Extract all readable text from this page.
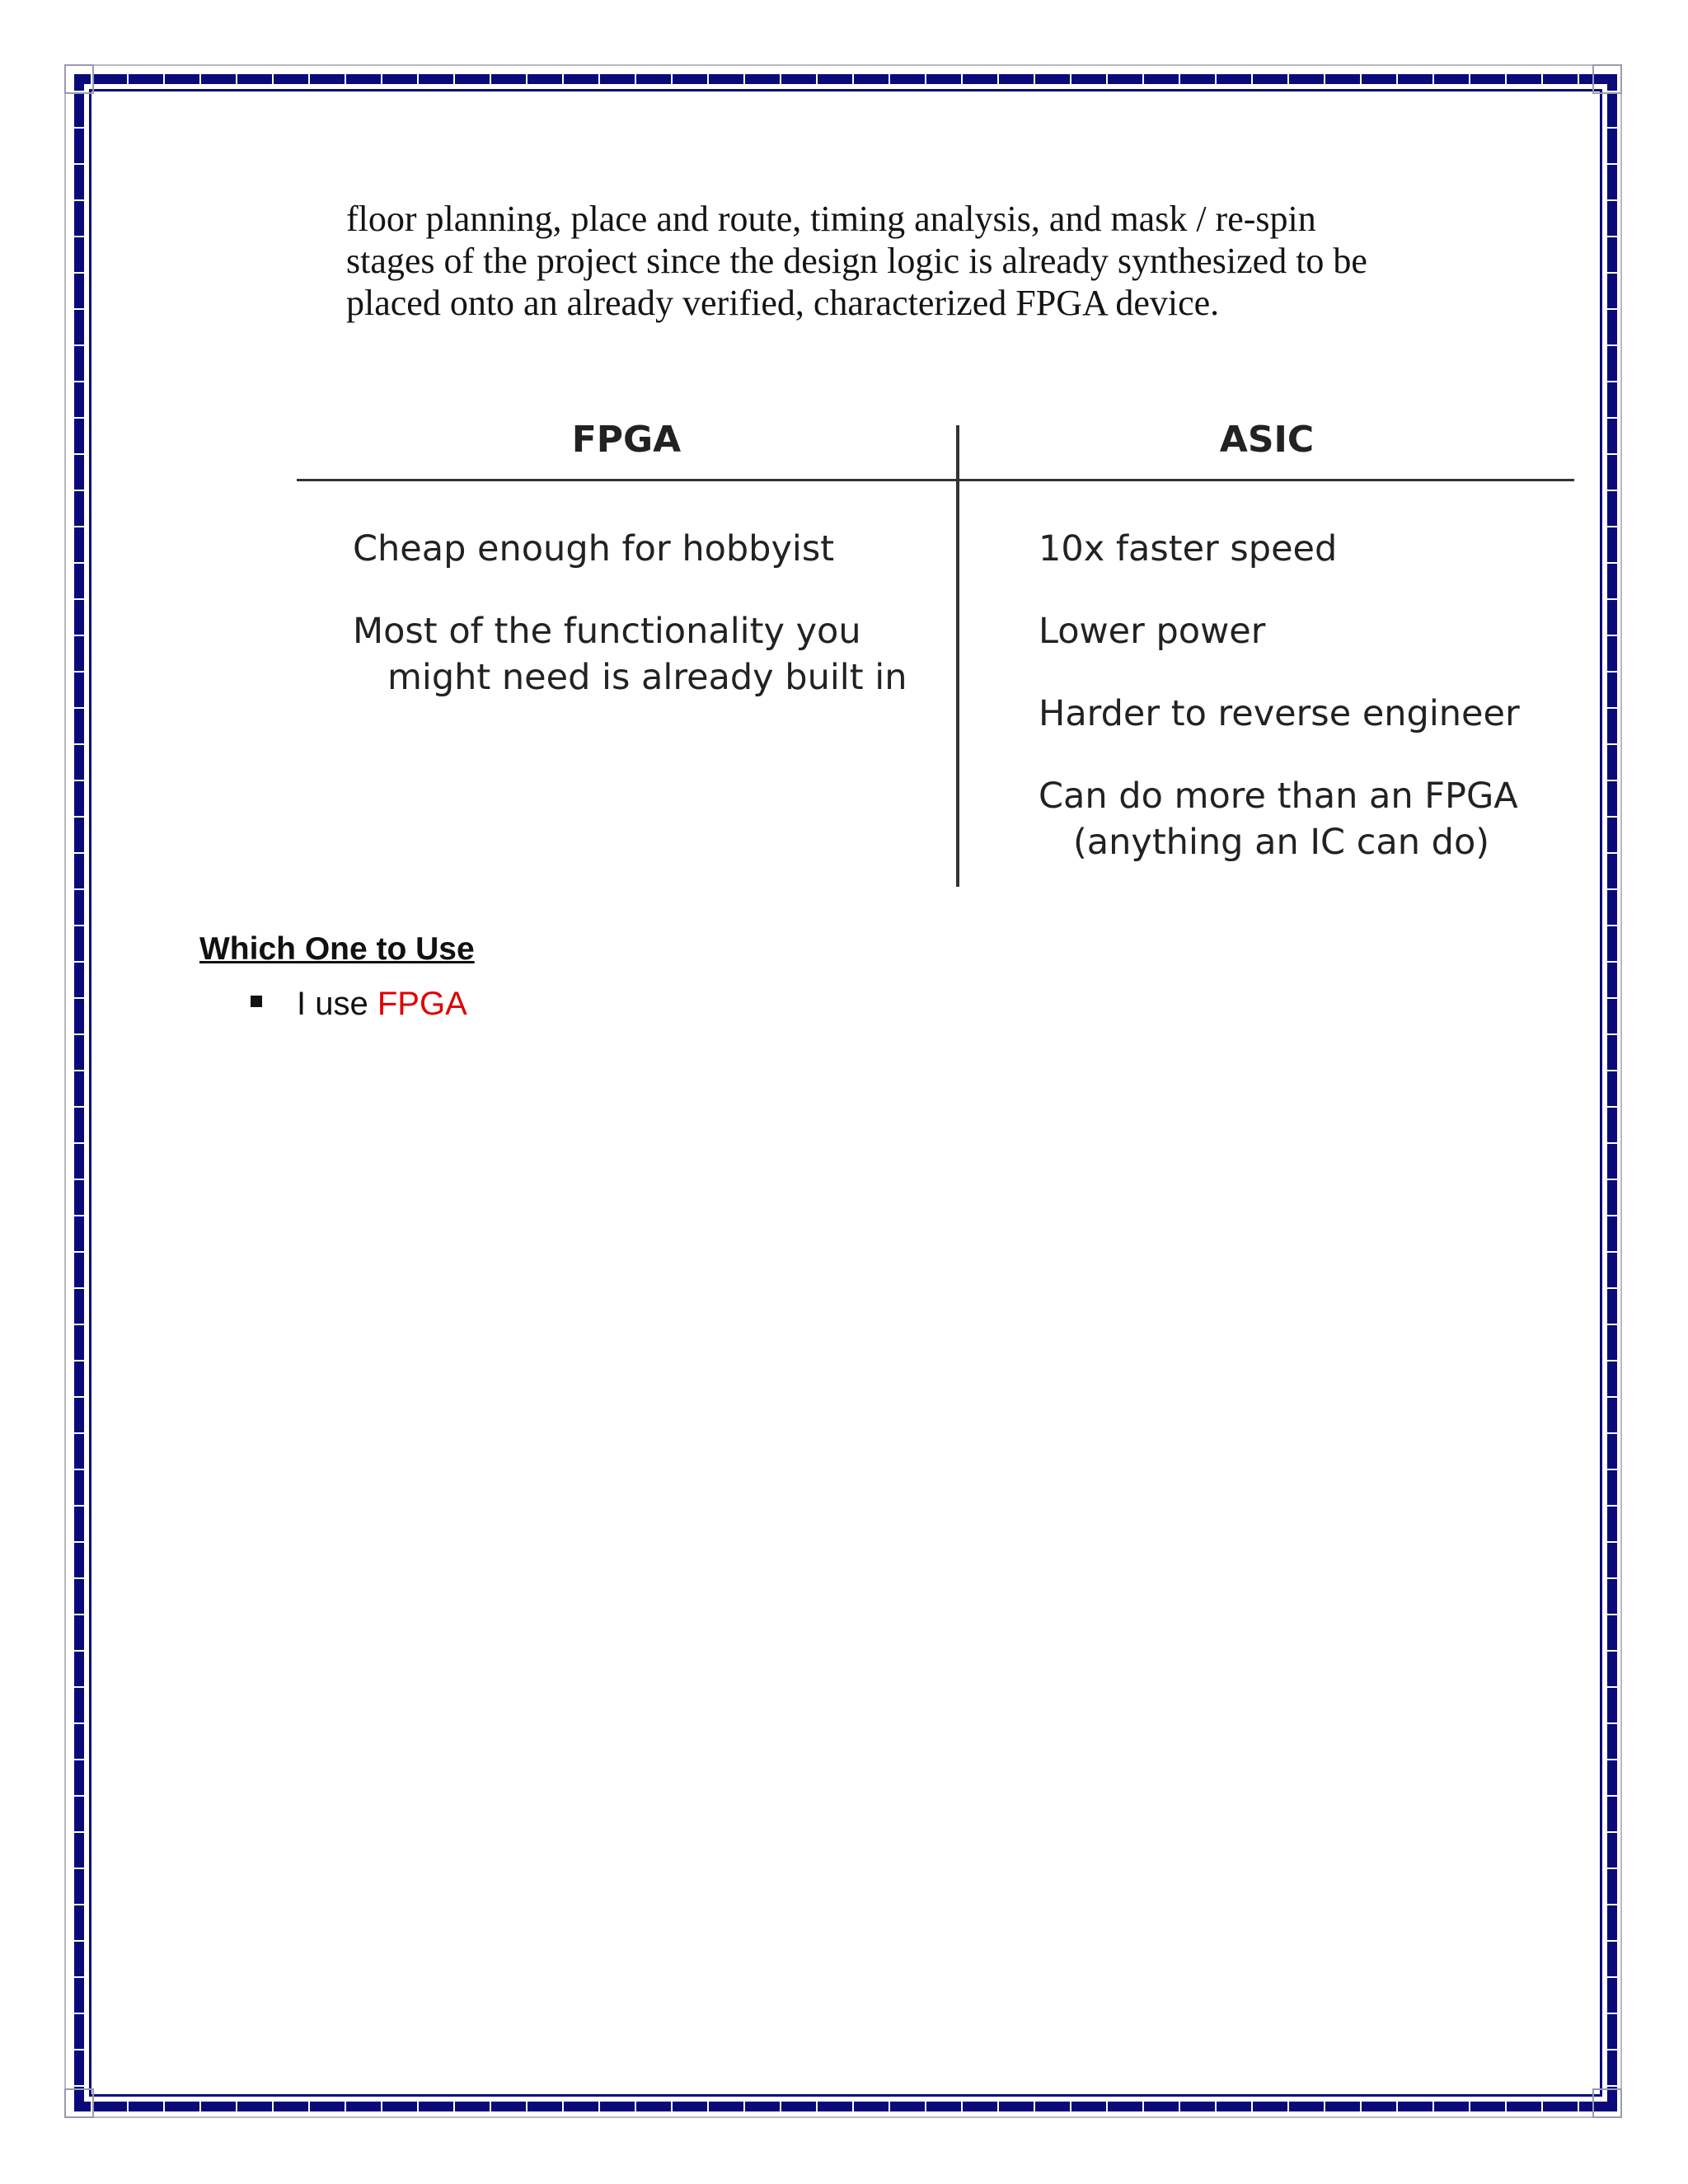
floor planning, place and route, timing analysis, and mask / re-spin
stages of the project since the design logic is already synthesized to be
placed onto an already verified, characterized FPGA device.
FPGA	ASIC
Cheap enough for hobbyist
Most of the functionality you
might need is already built in
10x faster speed
Lower power
Harder to reverse engineer
Can do more than an FPGA
(anything an IC can do)
Which One to Use
I use FPGA
